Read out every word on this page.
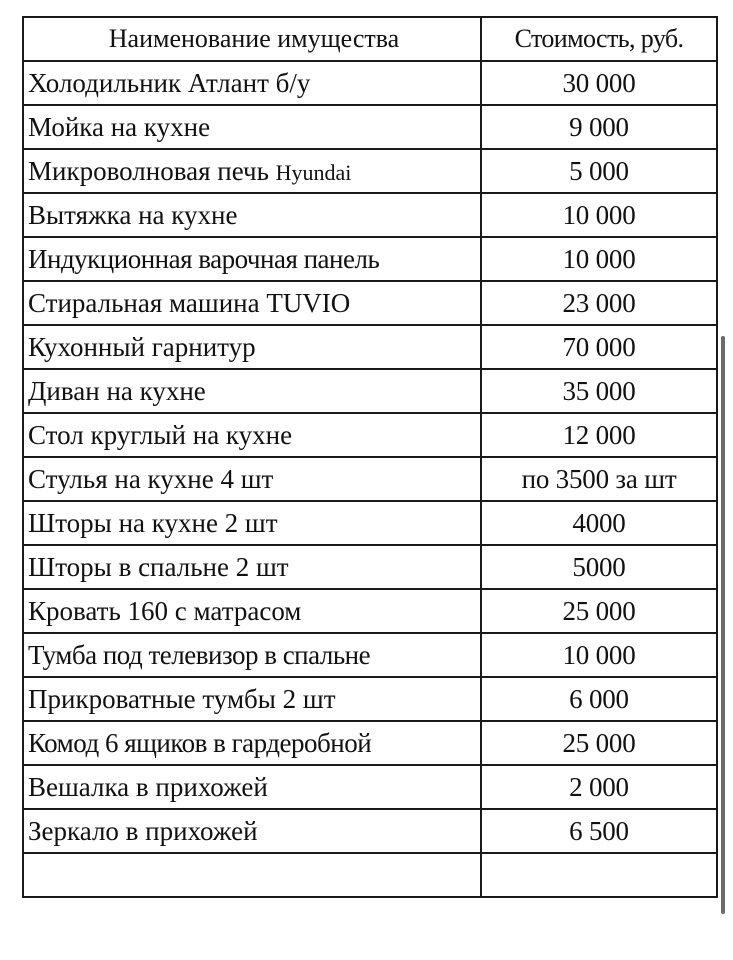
Наименование имущества	Стоимость, руб.
Холодильник Атлант б/у	30 000
Мойка на кухне	9 000
Микроволновая печь Hyundai	5 000
Вытяжка на кухне	10 000
Индукционная варочная панель	10 000
Стиральная машина TUVIO	23 000
Кухонный гарнитур	70 000
Диван на кухне	35 000
Стол круглый на кухне	12 000
Стулья на кухне 4 шт	по 3500 за шт
Шторы на кухне 2 шт	4000
Шторы в спальне 2 шт	5000
Кровать 160 с матрасом	25 000
Тумба под телевизор в спальне	10 000
Прикроватные тумбы 2 шт	6 000
Комод 6 ящиков в гардеробной	25 000
Вешалка в прихожей	2 000
Зеркало в прихожей	6 500
